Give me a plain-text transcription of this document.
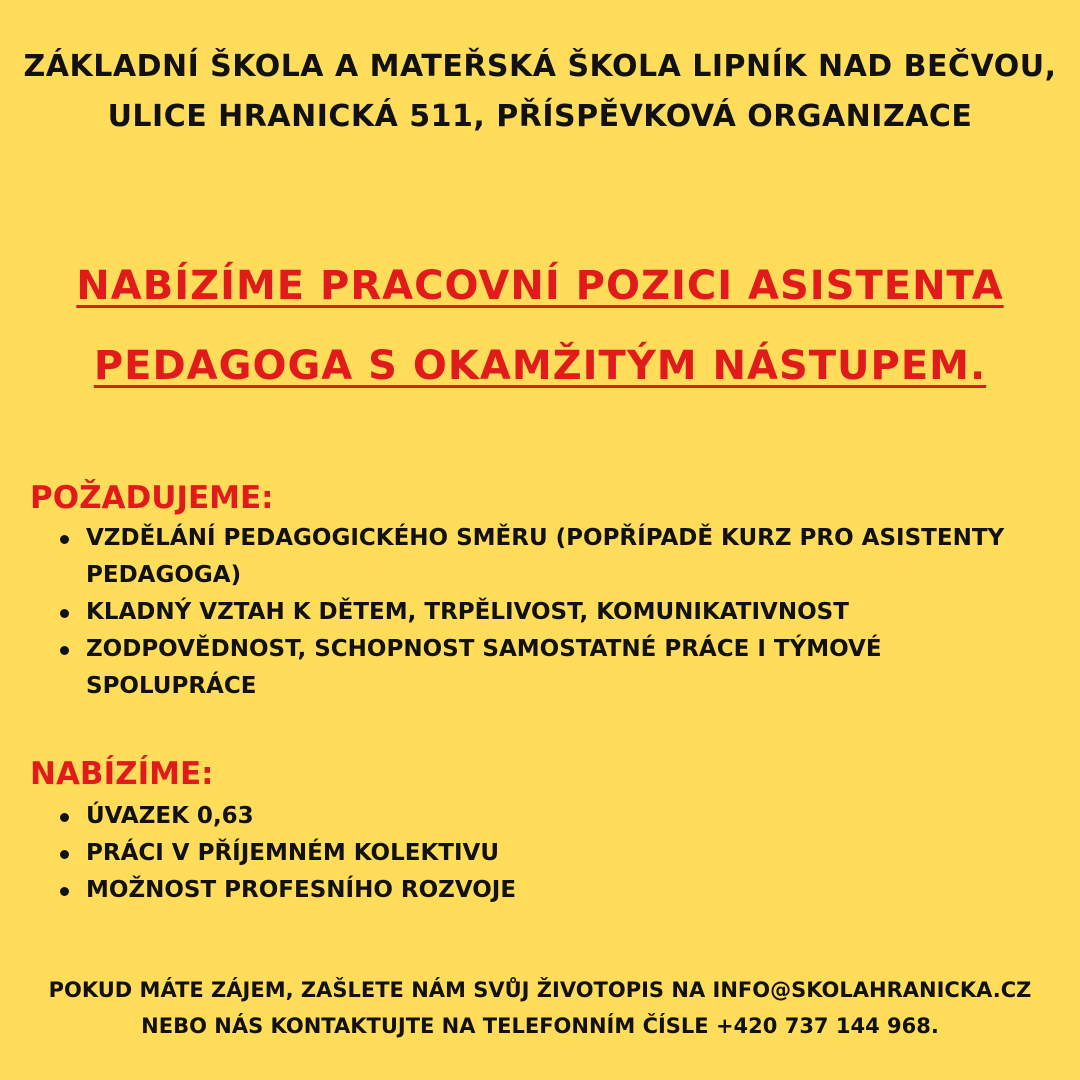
ZÁKLADNÍ ŠKOLA A MATEŘSKÁ ŠKOLA LIPNÍK NAD BEČVOU,
ULICE HRANICKÁ 511, PŘÍSPĚVKOVÁ ORGANIZACE
NABÍZÍME PRACOVNÍ POZICI ASISTENTA
PEDAGOGA S OKAMŽITÝM NÁSTUPEM.
POŽADUJEME:
VZDĚLÁNÍ PEDAGOGICKÉHO SMĚRU (POPŘÍPADĚ KURZ PRO ASISTENTY PEDAGOGA)
KLADNÝ VZTAH K DĚTEM, TRPĚLIVOST, KOMUNIKATIVNOST
ZODPOVĚDNOST, SCHOPNOST SAMOSTATNÉ PRÁCE I TÝMOVÉ SPOLUPRÁCE
NABÍZÍME:
ÚVAZEK 0,63
PRÁCI V PŘÍJEMNÉM KOLEKTIVU
MOŽNOST PROFESNÍHO ROZVOJE
POKUD MÁTE ZÁJEM, ZAŠLETE NÁM SVŮJ ŽIVOTOPIS NA INFO@SKOLAHRANICKA.CZ
NEBO NÁS KONTAKTUJTE NA TELEFONNÍM ČÍSLE +420 737 144 968.
